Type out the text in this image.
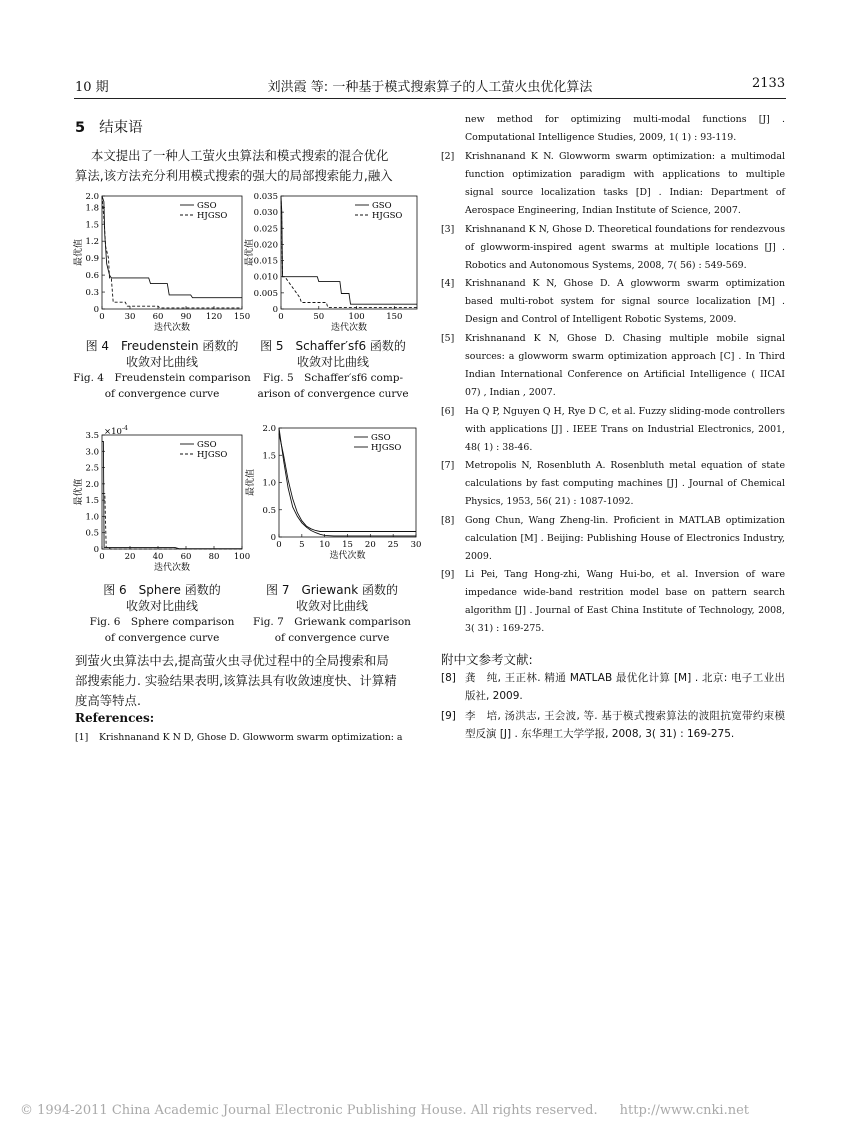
10 期	刘洪霞 等: 一种基于模式搜索算子的人工萤火虫优化算法	2133
5 结束语
本文提出了一种人工萤火虫算法和模式搜索的混合优化
算法,该方法充分利用模式搜索的强大的局部搜索能力,融入
0 30 60 90 120 150
0
0.3
0.6
0.9
1.2
1.5
1.8
2.0
迭代次数
最优值
GSO
HJGSO
0	50	100	150
0
0.005
0.010
0.015
0.020
0.025
0.030
0.035
迭代次数
最优值
GSO
HJGSO
0 20 40 60 80 100
0
0.5
1.0
1.5
2.0
2.5
3.0
$3.5 \times 10^{-4}$
迭代次数
最优值
GSO
HJGSO
0 5 10 15 20 25 30
0
0.5
1.0
1.5
2.0
迭代次数
最优值
GSO
HJGSO
图 4　Freudenstein 函数的
收敛对比曲线
Fig. 4　Freudenstein comparison
of convergence curve
图 5　Schaffer′sf6 函数的
收敛对比曲线
Fig. 5　Schaffer′sf6 comp-
arison of convergence curve
图 6　Sphere 函数的
收敛对比曲线
Fig. 6　Sphere comparison
of convergence curve
图 7　Griewank 函数的
收敛对比曲线
Fig. 7　Griewank comparison
of convergence curve
到萤火虫算法中去,提高萤火虫寻优过程中的全局搜索和局
部搜索能力. 实验结果表明,该算法具有收敛速度快、计算精
度高等特点.
References:
[1] Krishnanand K N D, Ghose D. Glowworm swarm optimization: a
[2] Krishnanand K N. Glowworm swarm optimization: a multimodal function optimization paradigm with applications to multiple signal source localization tasks [D] . Indian: Department of Aerospace Engineering, Indian Institute of Science, 2007.
[3] Krishnanand K N, Ghose D. Theoretical foundations for rendezvous of glowworm-inspired agent swarms at multiple locations [J] . Robotics and Autonomous Systems, 2008, 7( 56) : 549-569.
[4] Krishnanand K N, Ghose D. A glowworm swarm optimization based multi-robot system for signal source localization [M] . Design and Control of Intelligent Robotic Systems, 2009.
[5] Krishnanand K N, Ghose D. Chasing multiple mobile signal sources: a glowworm swarm optimization approach [C] . In Third Indian International Conference on Artificial Intelligence ( IICAI 07) , Indian , 2007.
[6] Ha Q P, Nguyen Q H, Rye D C, et al. Fuzzy sliding-mode controllers with applications [J] . IEEE Trans on Industrial Electronics, 2001, 48( 1) : 38-46.
[7] Metropolis N, Rosenbluth A. Rosenbluth metal equation of state calculations by fast computing machines [J] . Journal of Chemical Physics, 1953, 56( 21) : 1087-1092.
[8] Gong Chun, Wang Zheng-lin. Proficient in MATLAB optimization calculation [M] . Beijing: Publishing House of Electronics Industry, 2009.
[9] Li Pei, Tang Hong-zhi, Wang Hui-bo, et al. Inversion of ware impedance wide-band restrition model base on pattern search algorithm [J] . Journal of East China Institute of Technology, 2008, 3( 31) : 169-275.
new method for optimizing multi-modal functions [J] . Computational Intelligence Studies, 2009, 1( 1) : 93-119.
附中文参考文献:
[8] 龚　纯, 王正林. 精通 MATLAB 最优化计算 [M] . 北京: 电子工业出版社, 2009.
[9] 李　培, 汤洪志, 王会波, 等. 基于模式搜索算法的波阻抗宽带约束模型反演 [J] . 东华理工大学学报, 2008, 3( 31) : 169-275.
© 1994-2011 China Academic Journal Electronic Publishing House. All rights reserved. http://www.cnki.net
